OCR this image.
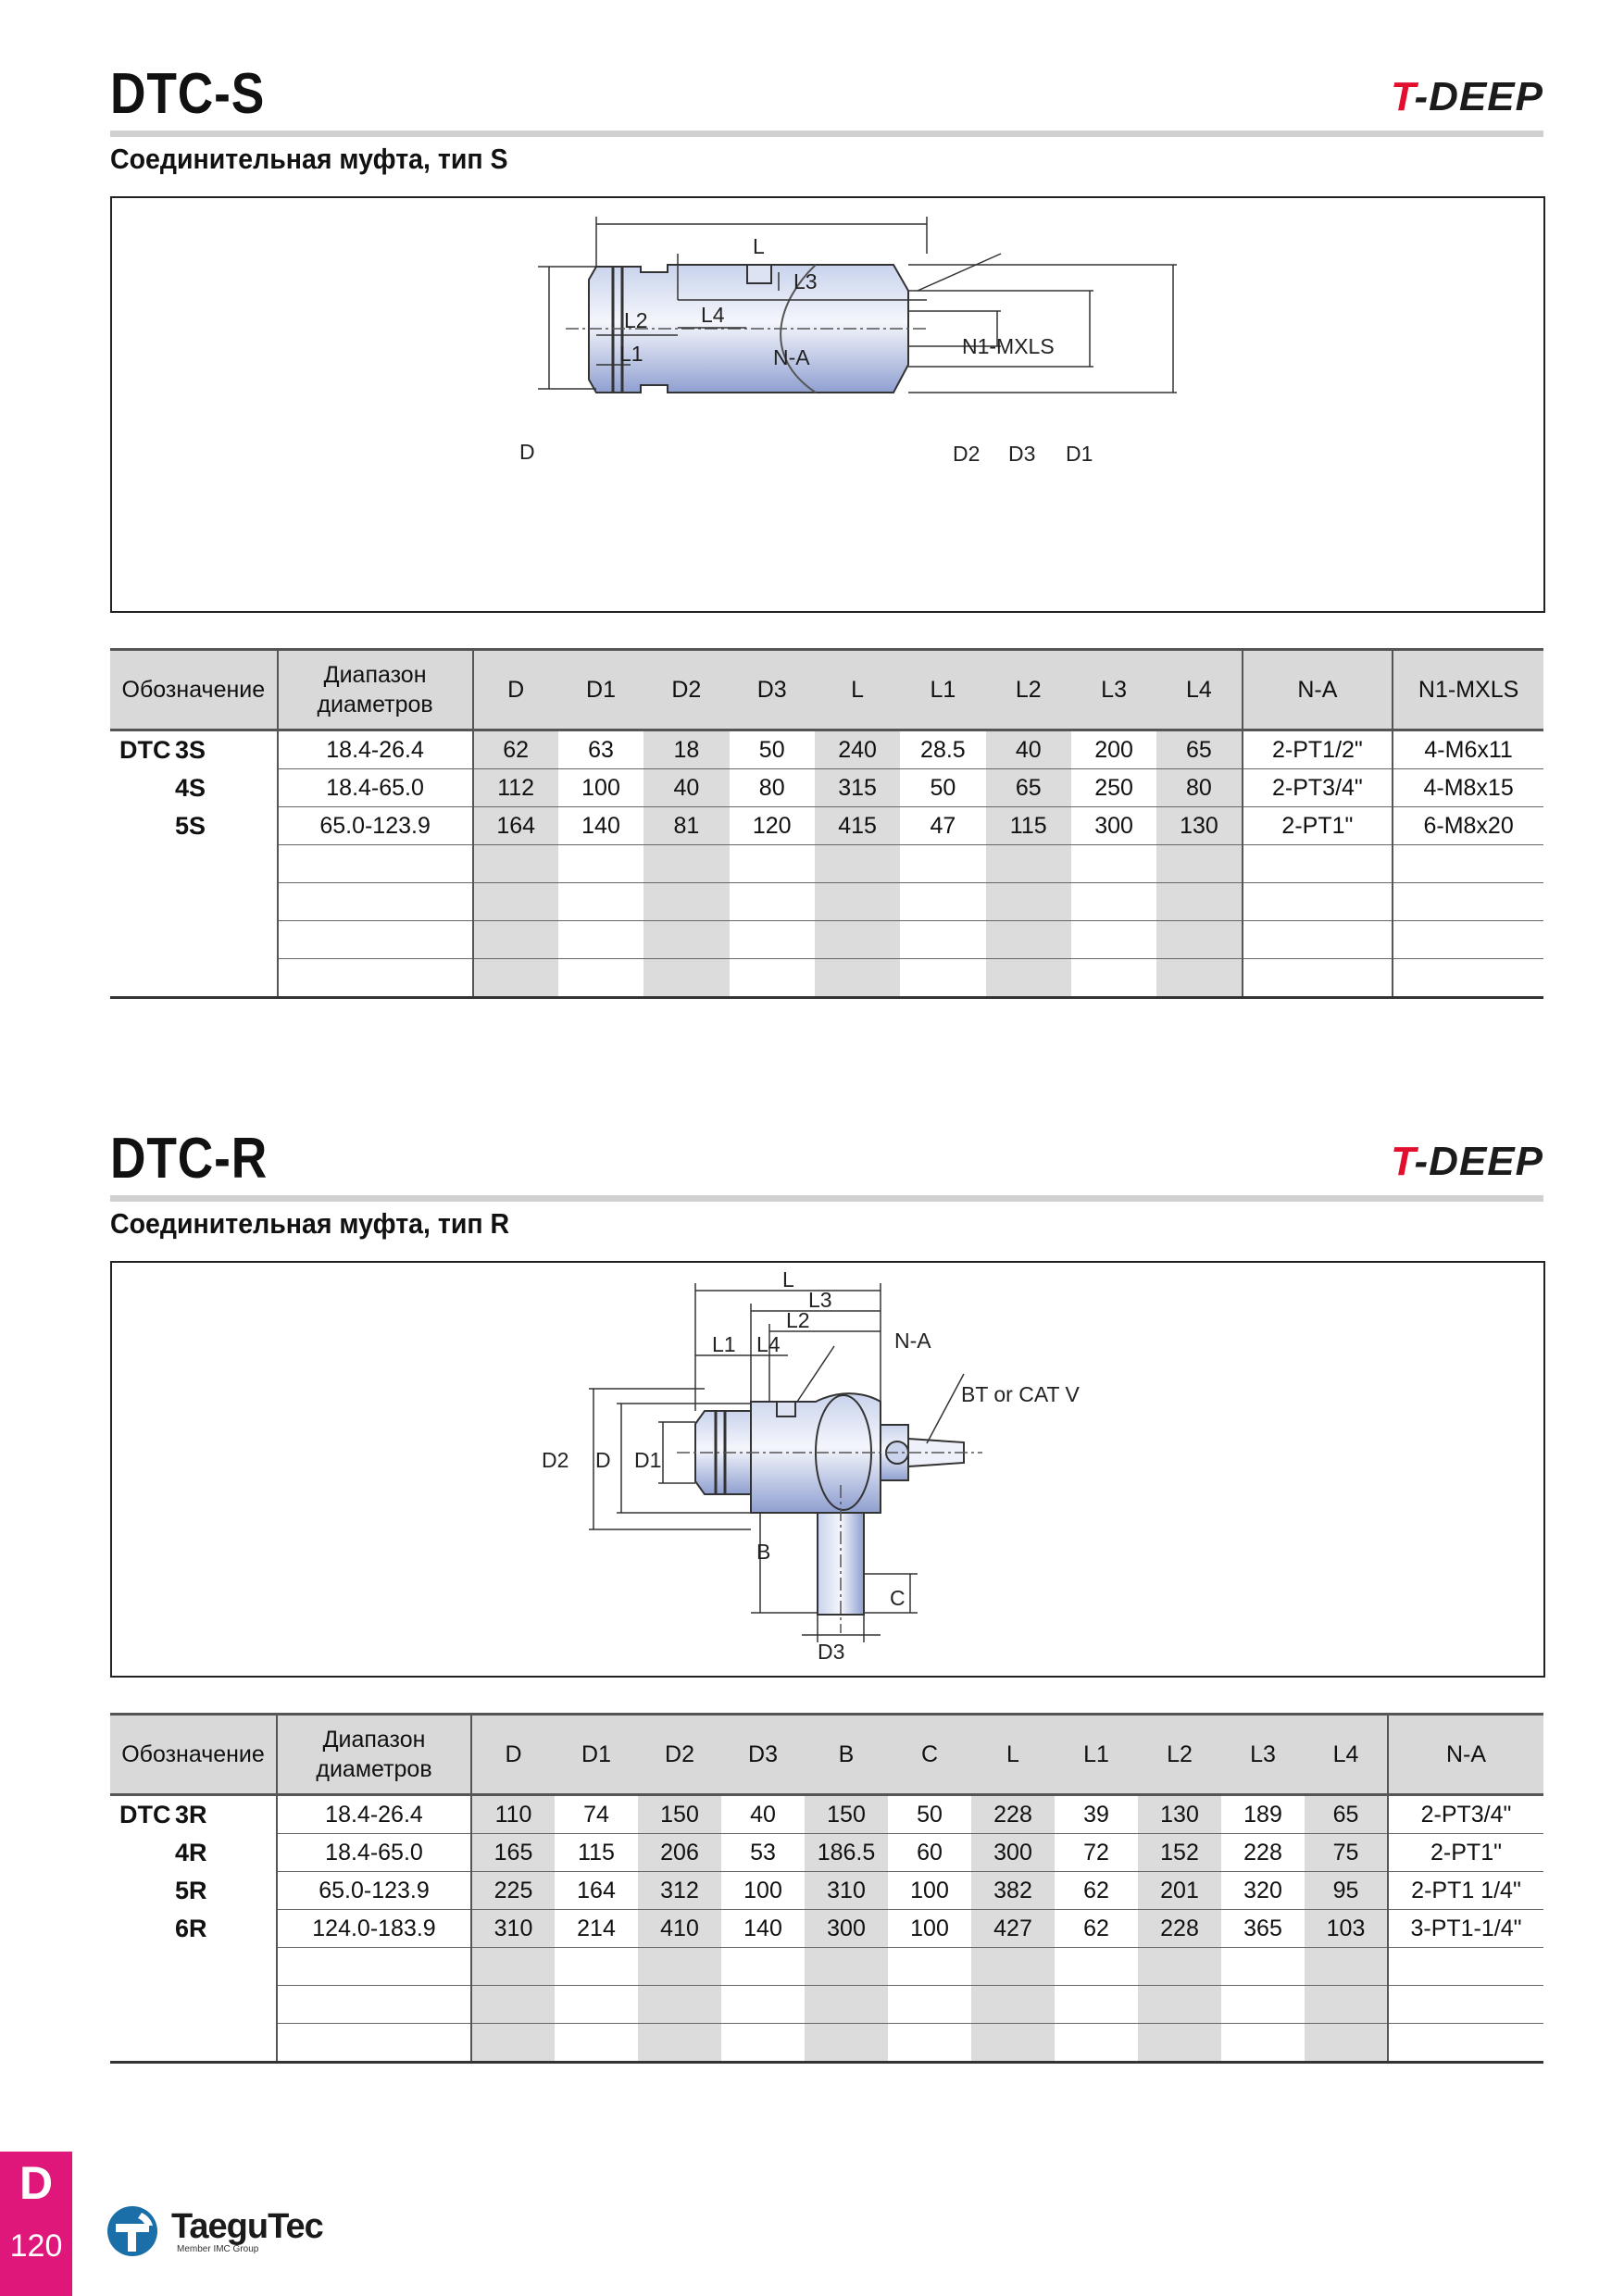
DTC-S	T-DEEP
Соединительная муфта, тип S
L
L3
L2 L4
L1	N-A	N1-MXLS
D	D2 D3 D1
Обозначение	Диапазон диаметров	D	D1	D2	D3	L	L1	L2	L3	L4	N-A	N1-MXLS
DTC 3S	18.4-26.4	62	63	18	50	240	28.5	40	200	65	2-PT1/2"	4-M6x11
4S	18.4-65.0	112	100	40	80	315	50	65	250	80	2-PT3/4"	4-M8x15
5S	65.0-123.9	164	140	81	120	415	47	115	300	130	2-PT1"	6-M8x20

DTC-R	T-DEEP
Соединительная муфта, тип R
L
L3
L2
L1 L4	N-A
BT or CAT V
D2 D D1
B
C
D3
Обозначение	Диапазон диаметров	D	D1	D2	D3	B	C	L	L1	L2	L3	L4	N-A
DTC 3R	18.4-26.4	110	74	150	40	150	50	228	39	130	189	65	2-PT3/4"
4R	18.4-65.0	165	115	206	53	186.5	60	300	72	152	228	75	2-PT1"
5R	65.0-123.9	225	164	312	100	310	100	382	62	201	320	95	2-PT1 1/4"
6R	124.0-183.9	310	214	410	140	300	100	427	62	228	365	103	3-PT1-1/4"

D
120	TaeguTec
Member IMC Group
